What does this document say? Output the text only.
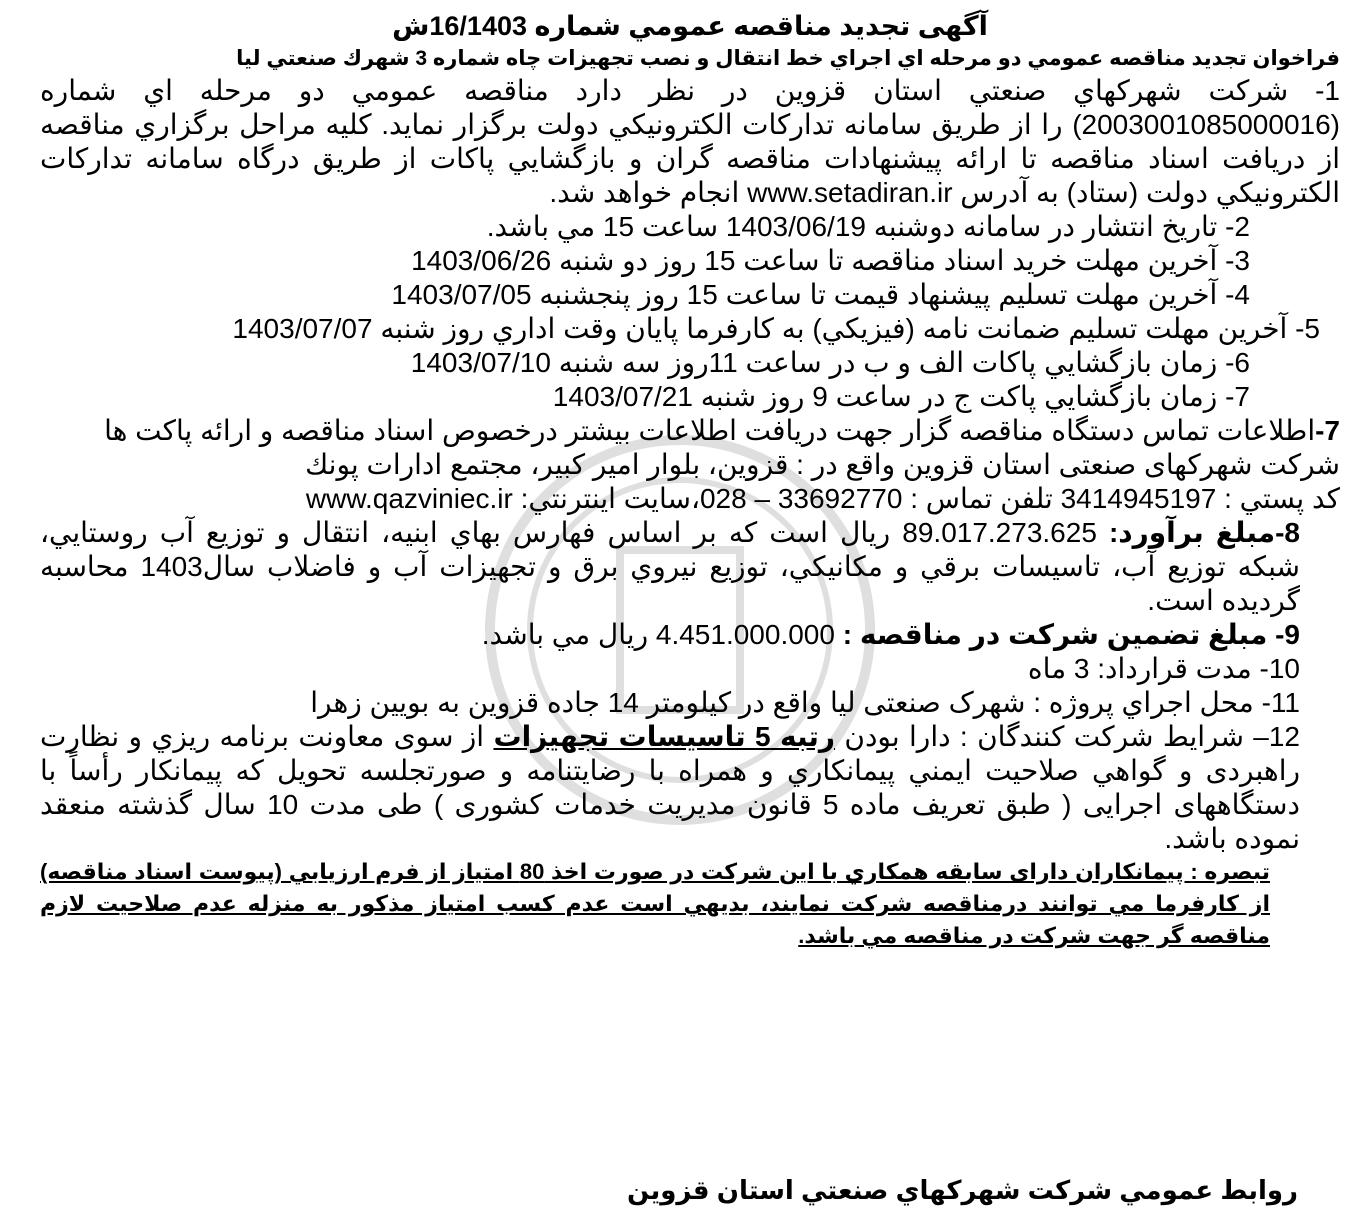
آگهی تجدید مناقصه عمومي شماره 16/1403ش

فراخوان تجديد مناقصه عمومي دو مرحله اي اجراي خط انتقال و نصب تجهيزات چاه شماره 3 شهرك صنعتي ليا

1- شركت شهركهاي صنعتي استان قزوين در نظر دارد مناقصه عمومي دو مرحله اي شماره (2003001085000016) را از طريق سامانه تداركات الكترونيكي دولت برگزار نمايد. كليه مراحل برگزاري مناقصه از دريافت اسناد مناقصه تا ارائه پيشنهادات مناقصه گران و بازگشايي پاكات از طريق درگاه سامانه تداركات الكترونيكي دولت (ستاد) به آدرس www.setadiran.ir انجام خواهد شد.

2- تاريخ انتشار در سامانه دوشنبه 1403/06/19 ساعت 15 مي باشد.

3- آخرين مهلت خريد اسناد مناقصه تا ساعت 15 روز دو شنبه 1403/06/26

4- آخرين مهلت تسليم پيشنهاد قيمت تا ساعت 15 روز پنجشنبه 1403/07/05

5- آخرين مهلت تسليم ضمانت نامه (فيزيكي) به كارفرما پايان وقت اداري روز شنبه 1403/07/07

6- زمان بازگشايي پاكات الف و ب در ساعت 11روز سه شنبه 1403/07/10

7- زمان بازگشايي پاكت ج در ساعت 9 روز شنبه 1403/07/21

7-اطلاعات تماس دستگاه مناقصه گزار جهت دريافت اطلاعات بيشتر درخصوص اسناد مناقصه و ارائه پاكت ها

شركت شهركهای صنعتی استان قزوين واقع در : قزوين، بلوار امير كبير، مجتمع ادارات پونك

كد پستي : 3414945197 تلفن تماس : 33692770 – 028،سايت اينترنتي: www.qazviniec.ir

8-مبلغ برآورد: 89.017.273.625 ريال است كه بر اساس فهارس بهاي ابنيه، انتقال و توزيع آب روستايي، شبكه توزيع آب، تاسيسات برقي و مكانيكي، توزيع نيروي برق و تجهيزات آب و فاضلاب سال1403 محاسبه گرديده است.

9- مبلغ تضمين شركت در مناقصه : 4.451.000.000 ريال مي باشد.

10- مدت قرارداد: 3 ماه

11- محل اجراي پروژه : شهرک صنعتی ليا واقع در كيلومتر 14 جاده قزوين به بويين زهرا

12– شرايط شركت كنندگان : دارا بودن رتبه 5 تاسيسات تجهيزات از سوی معاونت برنامه ريزي و نظارت راهبردی و گواهي صلاحيت ايمني پيمانكاري و همراه با رضايتنامه و صورتجلسه تحويل كه پيمانكار رأساً با دستگاههای اجرايی ( طبق تعريف ماده 5 قانون مديريت خدمات كشوری ) طی مدت 10 سال گذشته منعقد نموده باشد.

تبصره : پيمانكاران دارای سابقه همكاري با اين شركت در صورت اخذ 80 امتياز از فرم ارزيابي (پيوست اسناد مناقصه) از كارفرما مي توانند درمناقصه شركت نمايند، بديهي است عدم كسب امتياز مذكور به منزله عدم صلاحيت لازم مناقصه گر جهت شركت در مناقصه مي باشد.

روابط عمومي شركت شهركهاي صنعتي استان قزوين
